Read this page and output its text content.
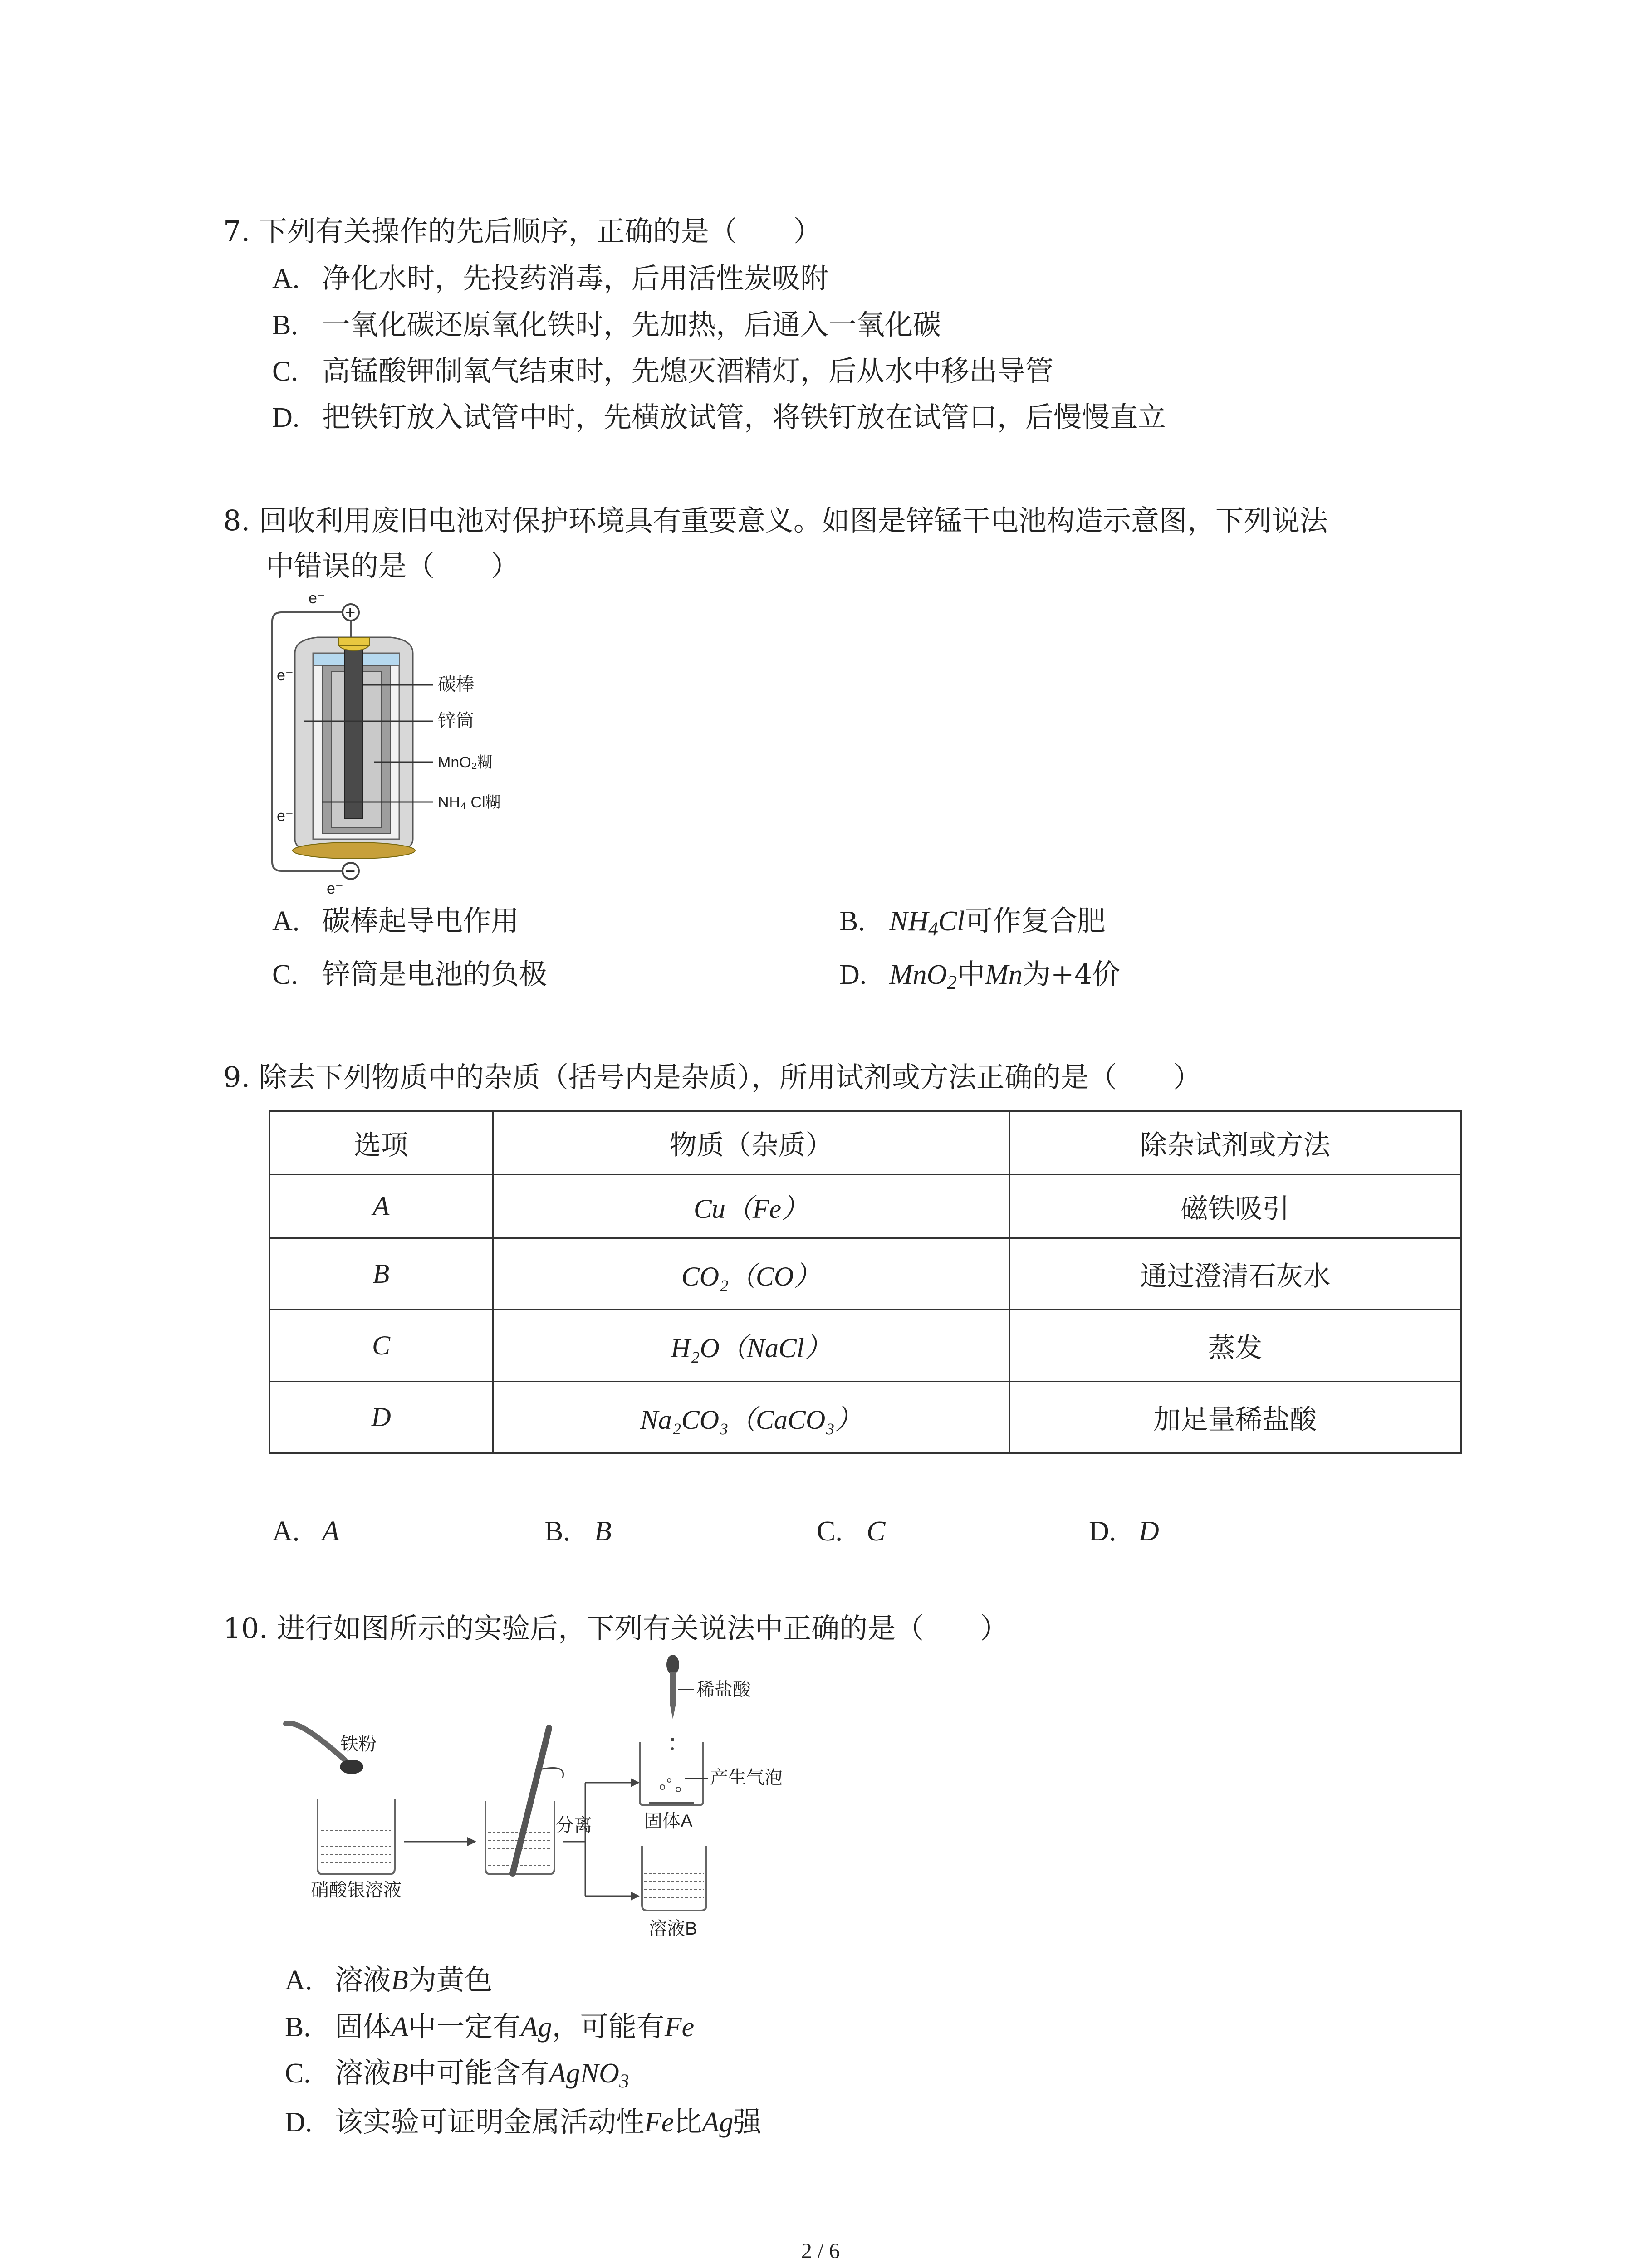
7. 下列有关操作的先后顺序，正确的是（　　）
A. 净化水时，先投药消毒，后用活性炭吸附
B. 一氧化碳还原氧化铁时，先加热，后通入一氧化碳
C. 高锰酸钾制氧气结束时，先熄灭酒精灯，后从水中移出导管
D. 把铁钉放入试管中时，先横放试管，将铁钉放在试管口，后慢慢直立
8. 回收利用废旧电池对保护环境具有重要意义。如图是锌锰干电池构造示意图，下列说法
中错误的是（　　）
e⁻
e⁻
e⁻
e⁻
+
−
碳棒
锌筒
MnO₂糊
NH₄ Cl糊
A. 碳棒起导电作用	B. $NH_4Cl$可作复合肥
C. 锌筒是电池的负极	D. MnO$_2$中Mn为+4价
9. 除去下列物质中的杂质（括号内是杂质），所用试剂或方法正确的是（　　）
选项	物质（杂质）	除杂试剂或方法
A	Cu（Fe）	磁铁吸引
B	CO₂（CO）	通过澄清石灰水
C	H₂O（NaCl）	蒸发
D	Na₂CO₃（CaCO₃）	加足量稀盐酸
A. A	B. B	C. C	D. D
10. 进行如图所示的实验后，下列有关说法中正确的是（　　）
铁粉
硝酸银溶液
分离
稀盐酸
产生气泡
固体A
溶液B
A. 溶液B为黄色
B. 固体A中一定有Ag，可能有Fe
C. 溶液B中可能含有AgNO$_3$
D. 该实验可证明金属活动性Fe比Ag强
2 / 6
